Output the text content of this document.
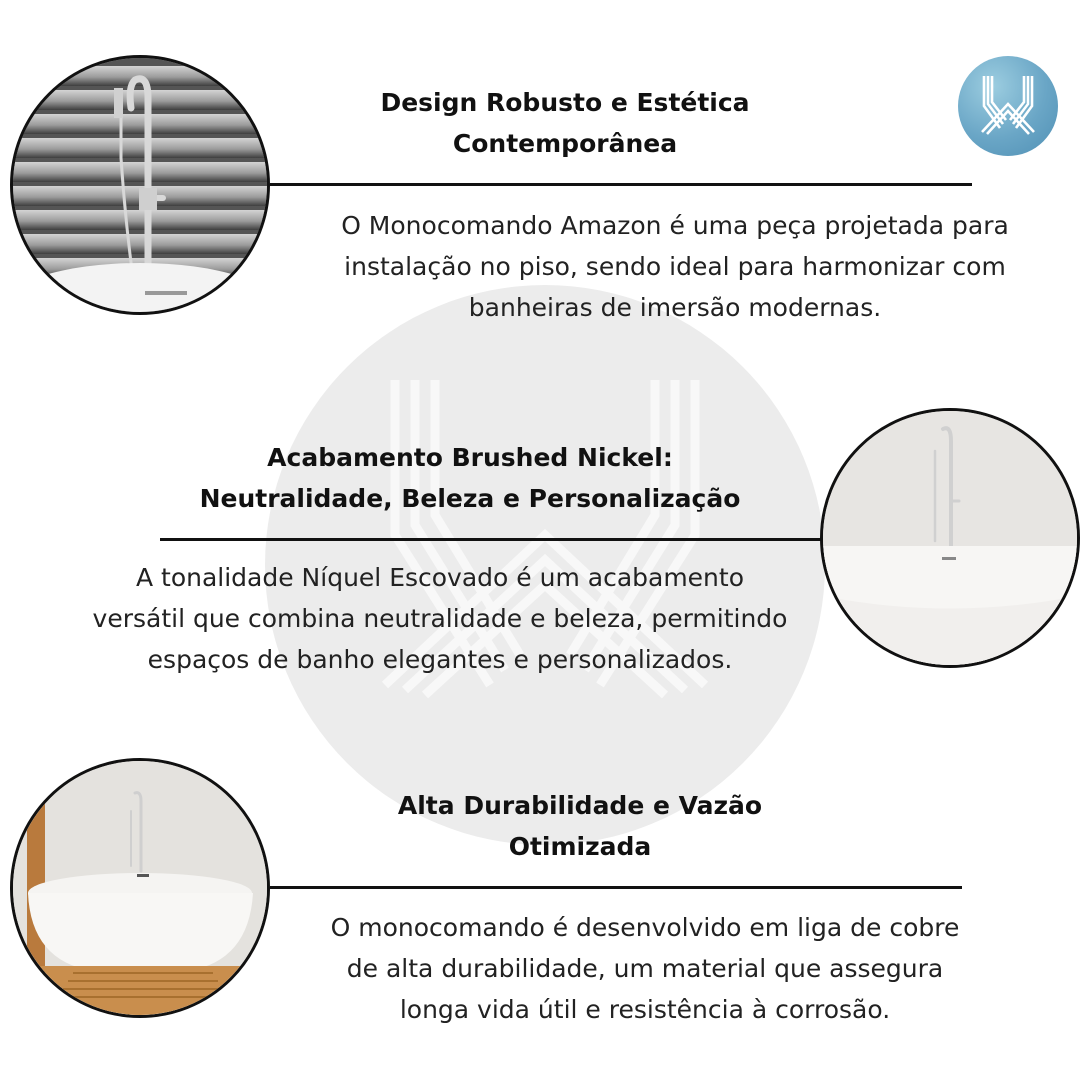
Design Robusto e Estética
Contemporânea

O Monocomando Amazon é uma peça projetada para
instalação no piso, sendo ideal para harmonizar com
banheiras de imersão modernas.

Acabamento Brushed Nickel:
Neutralidade, Beleza e Personalização

A tonalidade Níquel Escovado é um acabamento
versátil que combina neutralidade e beleza, permitindo
espaços de banho elegantes e personalizados.

Alta Durabilidade e Vazão
Otimizada

O monocomando é desenvolvido em liga de cobre
de alta durabilidade, um material que assegura
longa vida útil e resistência à corrosão.
